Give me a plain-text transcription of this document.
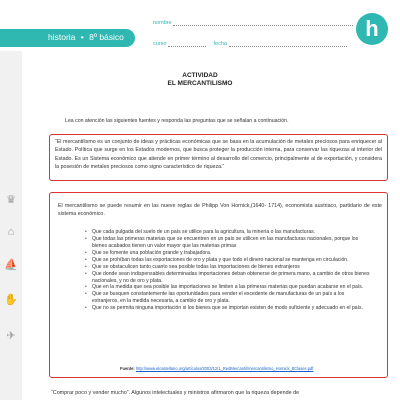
historia • 8º básico
nombre
curso	fecha
h
♛
⌂
⛵
✋
✈
ACTIVIDAD
EL MERCANTILISMO
Lea con atención las siguientes fuentes y responda las preguntas que se señalan a continuación.

“El mercantilismo es un conjunto de ideas y prácticas económicas que se basa en la acumulación de metales preciosos para enriquecer al Estado. Política que surge en los Estados modernos, que busca proteger la producción interna, para conservar las riquezas al interior del Estado. Es un Sistema económico que atiende en primer término al desarrollo del comercio, principalmente al de exportación, y considera la posesión de metales preciosos como signo característico de riqueza.”

El mercantilismo se puede resumir en las nueve reglas de Philipp Von Hornick,(1640- 1714), economista austriaco, partidario de este sistema económico.

• Que cada pulgada del suelo de un país se utilice para la agricultura, la minería o las manufacturas.
• Que todas las primeras materias que se encuentren en un país se utilicen en las manufacturas nacionales, porque los bienes acabados tienen un valor mayor que las materias primas
• Que se fomente una población grande y trabajadora.
• Que se prohíban todas las exportaciones de oro y plata y que todo el dinero nacional se mantenga en circulación.
• Que se obstaculicen tanto cuanto sea posible todas las importaciones de bienes extranjeros
• Que donde sean indispensables determinadas importaciones deban obtenerse de primera mano, a cambio de otros bienes nacionales, y no de oro y plata.
• Que en la medida que sea posible las importaciones se limiten a las primeras materias que puedan acabarse en el país.
• Que se busquen constantemente las oportunidades para vender el excedente de manufacturas de un país a los extranjeros, en la medida necesaria, a cambio de oro y plata.
• Que no se permita ninguna importación si los bienes que se importan existen de modo suficiente y adecuado en el país.
Fuente: http://www.elcastellano.org/artículos/2003/12/1_RedMercantil/mercantilismo_Hornick_8Clases.pdf
“Comprar poco y vender mucho”. Algunos intelectuales y ministros afirmaron que la riqueza depende de
